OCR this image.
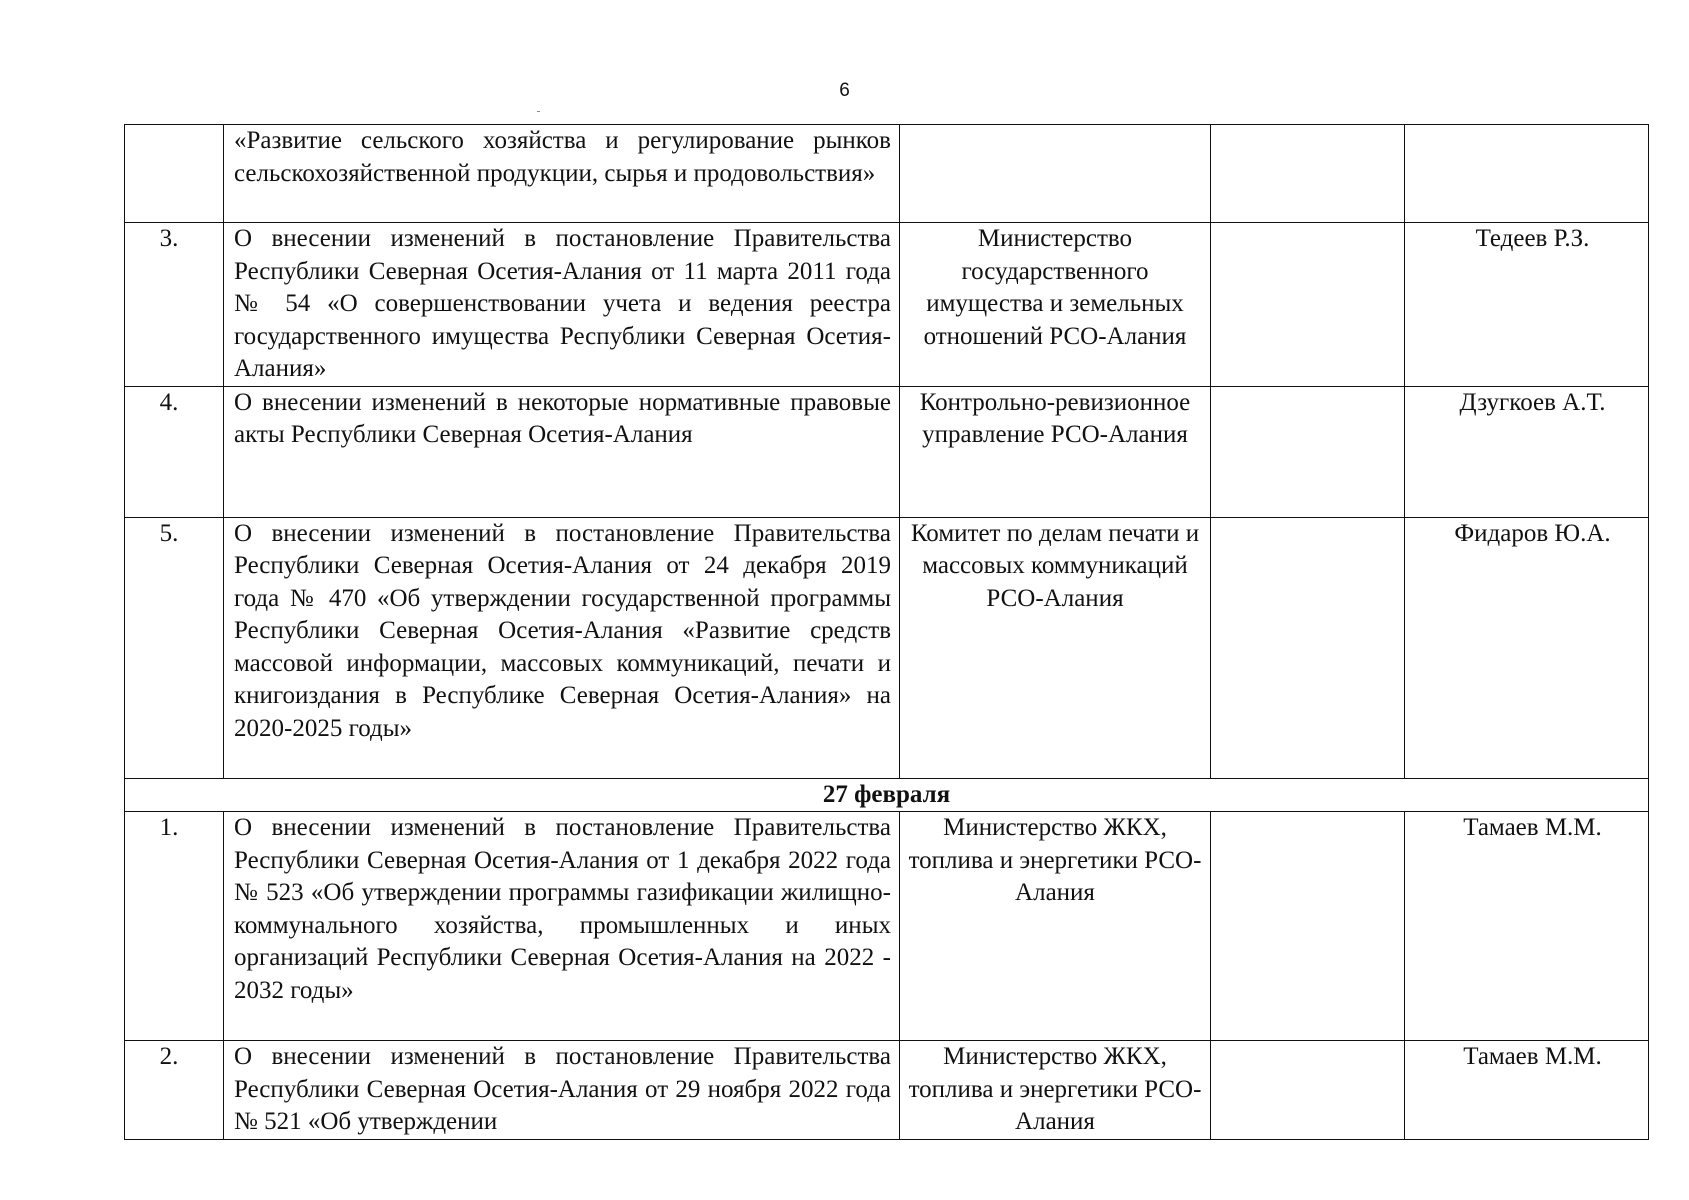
6
	«Развитие сельского хозяйства и регулирование рынков сельскохозяйственной продукции, сырья и продовольствия»			
3.	О внесении изменений в постановление Правительства Республики Северная Осетия-Алания от 11 марта 2011 года № 54 «О совершенствовании учета и ведения реестра государственного имущества Республики Северная Осетия-Алания»	Министерство государственного имущества и земельных отношений РСО-Алания		Тедеев Р.З.
4.	О внесении изменений в некоторые нормативные правовые акты Республики Северная Осетия-Алания	Контрольно-ревизионное управление РСО-Алания		Дзугкоев А.Т.
5.	О внесении изменений в постановление Правительства Республики Северная Осетия-Алания от 24 декабря 2019 года № 470 «Об утверждении государственной программы Республики Северная Осетия-Алания «Развитие средств массовой информации, массовых коммуникаций, печати и книгоиздания в Республике Северная Осетия-Алания» на 2020-2025 годы»	Комитет по делам печати и массовых коммуникаций РСО-Алания		Фидаров Ю.А.
27 февраля				
1.	О внесении изменений в постановление Правительства Республики Северная Осетия-Алания от 1 декабря 2022 года № 523 «Об утверждении программы газификации жилищно-коммунального хозяйства, промышленных и иных организаций Республики Северная Осетия-Алания на 2022 - 2032 годы»	Министерство ЖКХ, топлива и энергетики РСО-Алания		Тамаев М.М.
2.	О внесении изменений в постановление Правительства Республики Северная Осетия-Алания от 29 ноября 2022 года № 521 «Об утверждении	Министерство ЖКХ, топлива и энергетики РСО-Алания		Тамаев М.М.
